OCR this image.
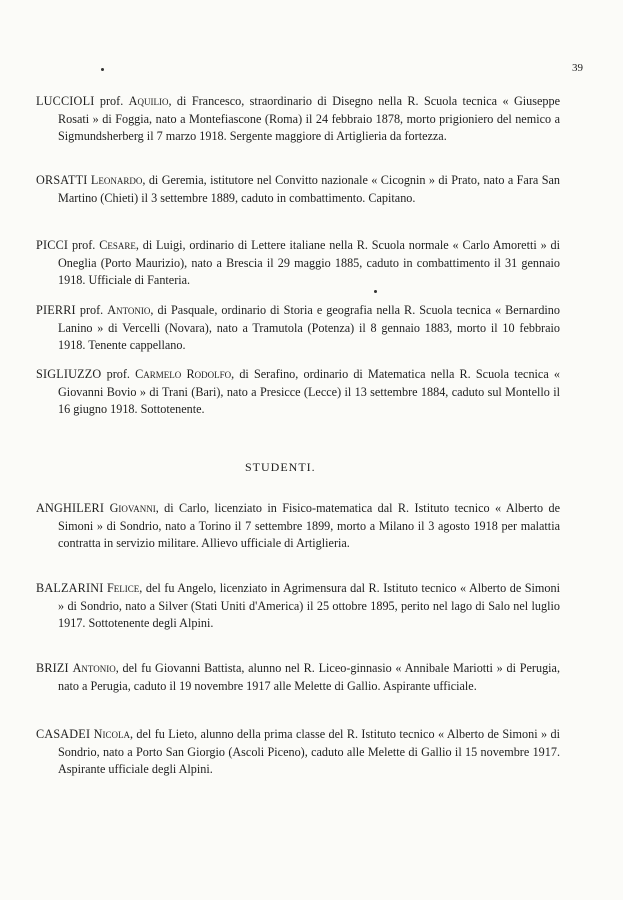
39

LUCCIOLI prof. Aquilio, di Francesco, straordinario di Disegno nella R. Scuola tecnica « Giuseppe Rosati » di Foggia, nato a Montefiascone (Roma) il 24 febbraio 1878, morto prigioniero del nemico a Sigmundsherberg il 7 marzo 1918. Sergente maggiore di Artiglieria da fortezza.

ORSATTI Leonardo, di Geremia, istitutore nel Convitto nazionale « Cicognin » di Prato, nato a Fara San Martino (Chieti) il 3 settembre 1889, caduto in combattimento. Capitano.

PICCI prof. Cesare, di Luigi, ordinario di Lettere italiane nella R. Scuola normale « Carlo Amoretti » di Oneglia (Porto Maurizio), nato a Brescia il 29 maggio 1885, caduto in combattimento il 31 gennaio 1918. Ufficiale di Fanteria.

PIERRI prof. Antonio, di Pasquale, ordinario di Storia e geografia nella R. Scuola tecnica « Bernardino Lanino » di Vercelli (Novara), nato a Tramutola (Potenza) il 8 gennaio 1883, morto il 10 febbraio 1918. Tenente cappellano.

SIGLIUZZO prof. Carmelo Rodolfo, di Serafino, ordinario di Matematica nella R. Scuola tecnica « Giovanni Bovio » di Trani (Bari), nato a Presicce (Lecce) il 13 settembre 1884, caduto sul Montello il 16 giugno 1918. Sottotenente.

STUDENTI.

ANGHILERI Giovanni, di Carlo, licenziato in Fisico-matematica dal R. Istituto tecnico « Alberto de Simoni » di Sondrio, nato a Torino il 7 settembre 1899, morto a Milano il 3 agosto 1918 per malattia contratta in servizio militare. Allievo ufficiale di Artiglieria.

BALZARINI Felice, del fu Angelo, licenziato in Agrimensura dal R. Istituto tecnico « Alberto de Simoni » di Sondrio, nato a Silver (Stati Uniti d'America) il 25 ottobre 1895, perito nel lago di Salo nel luglio 1917. Sottotenente degli Alpini.

BRIZI Antonio, del fu Giovanni Battista, alunno nel R. Liceo-ginnasio « Annibale Mariotti » di Perugia, nato a Perugia, caduto il 19 novembre 1917 alle Melette di Gallio. Aspirante ufficiale.

CASADEI Nicola, del fu Lieto, alunno della prima classe del R. Istituto tecnico « Alberto de Simoni » di Sondrio, nato a Porto San Giorgio (Ascoli Piceno), caduto alle Melette di Gallio il 15 novembre 1917. Aspirante ufficiale degli Alpini.
